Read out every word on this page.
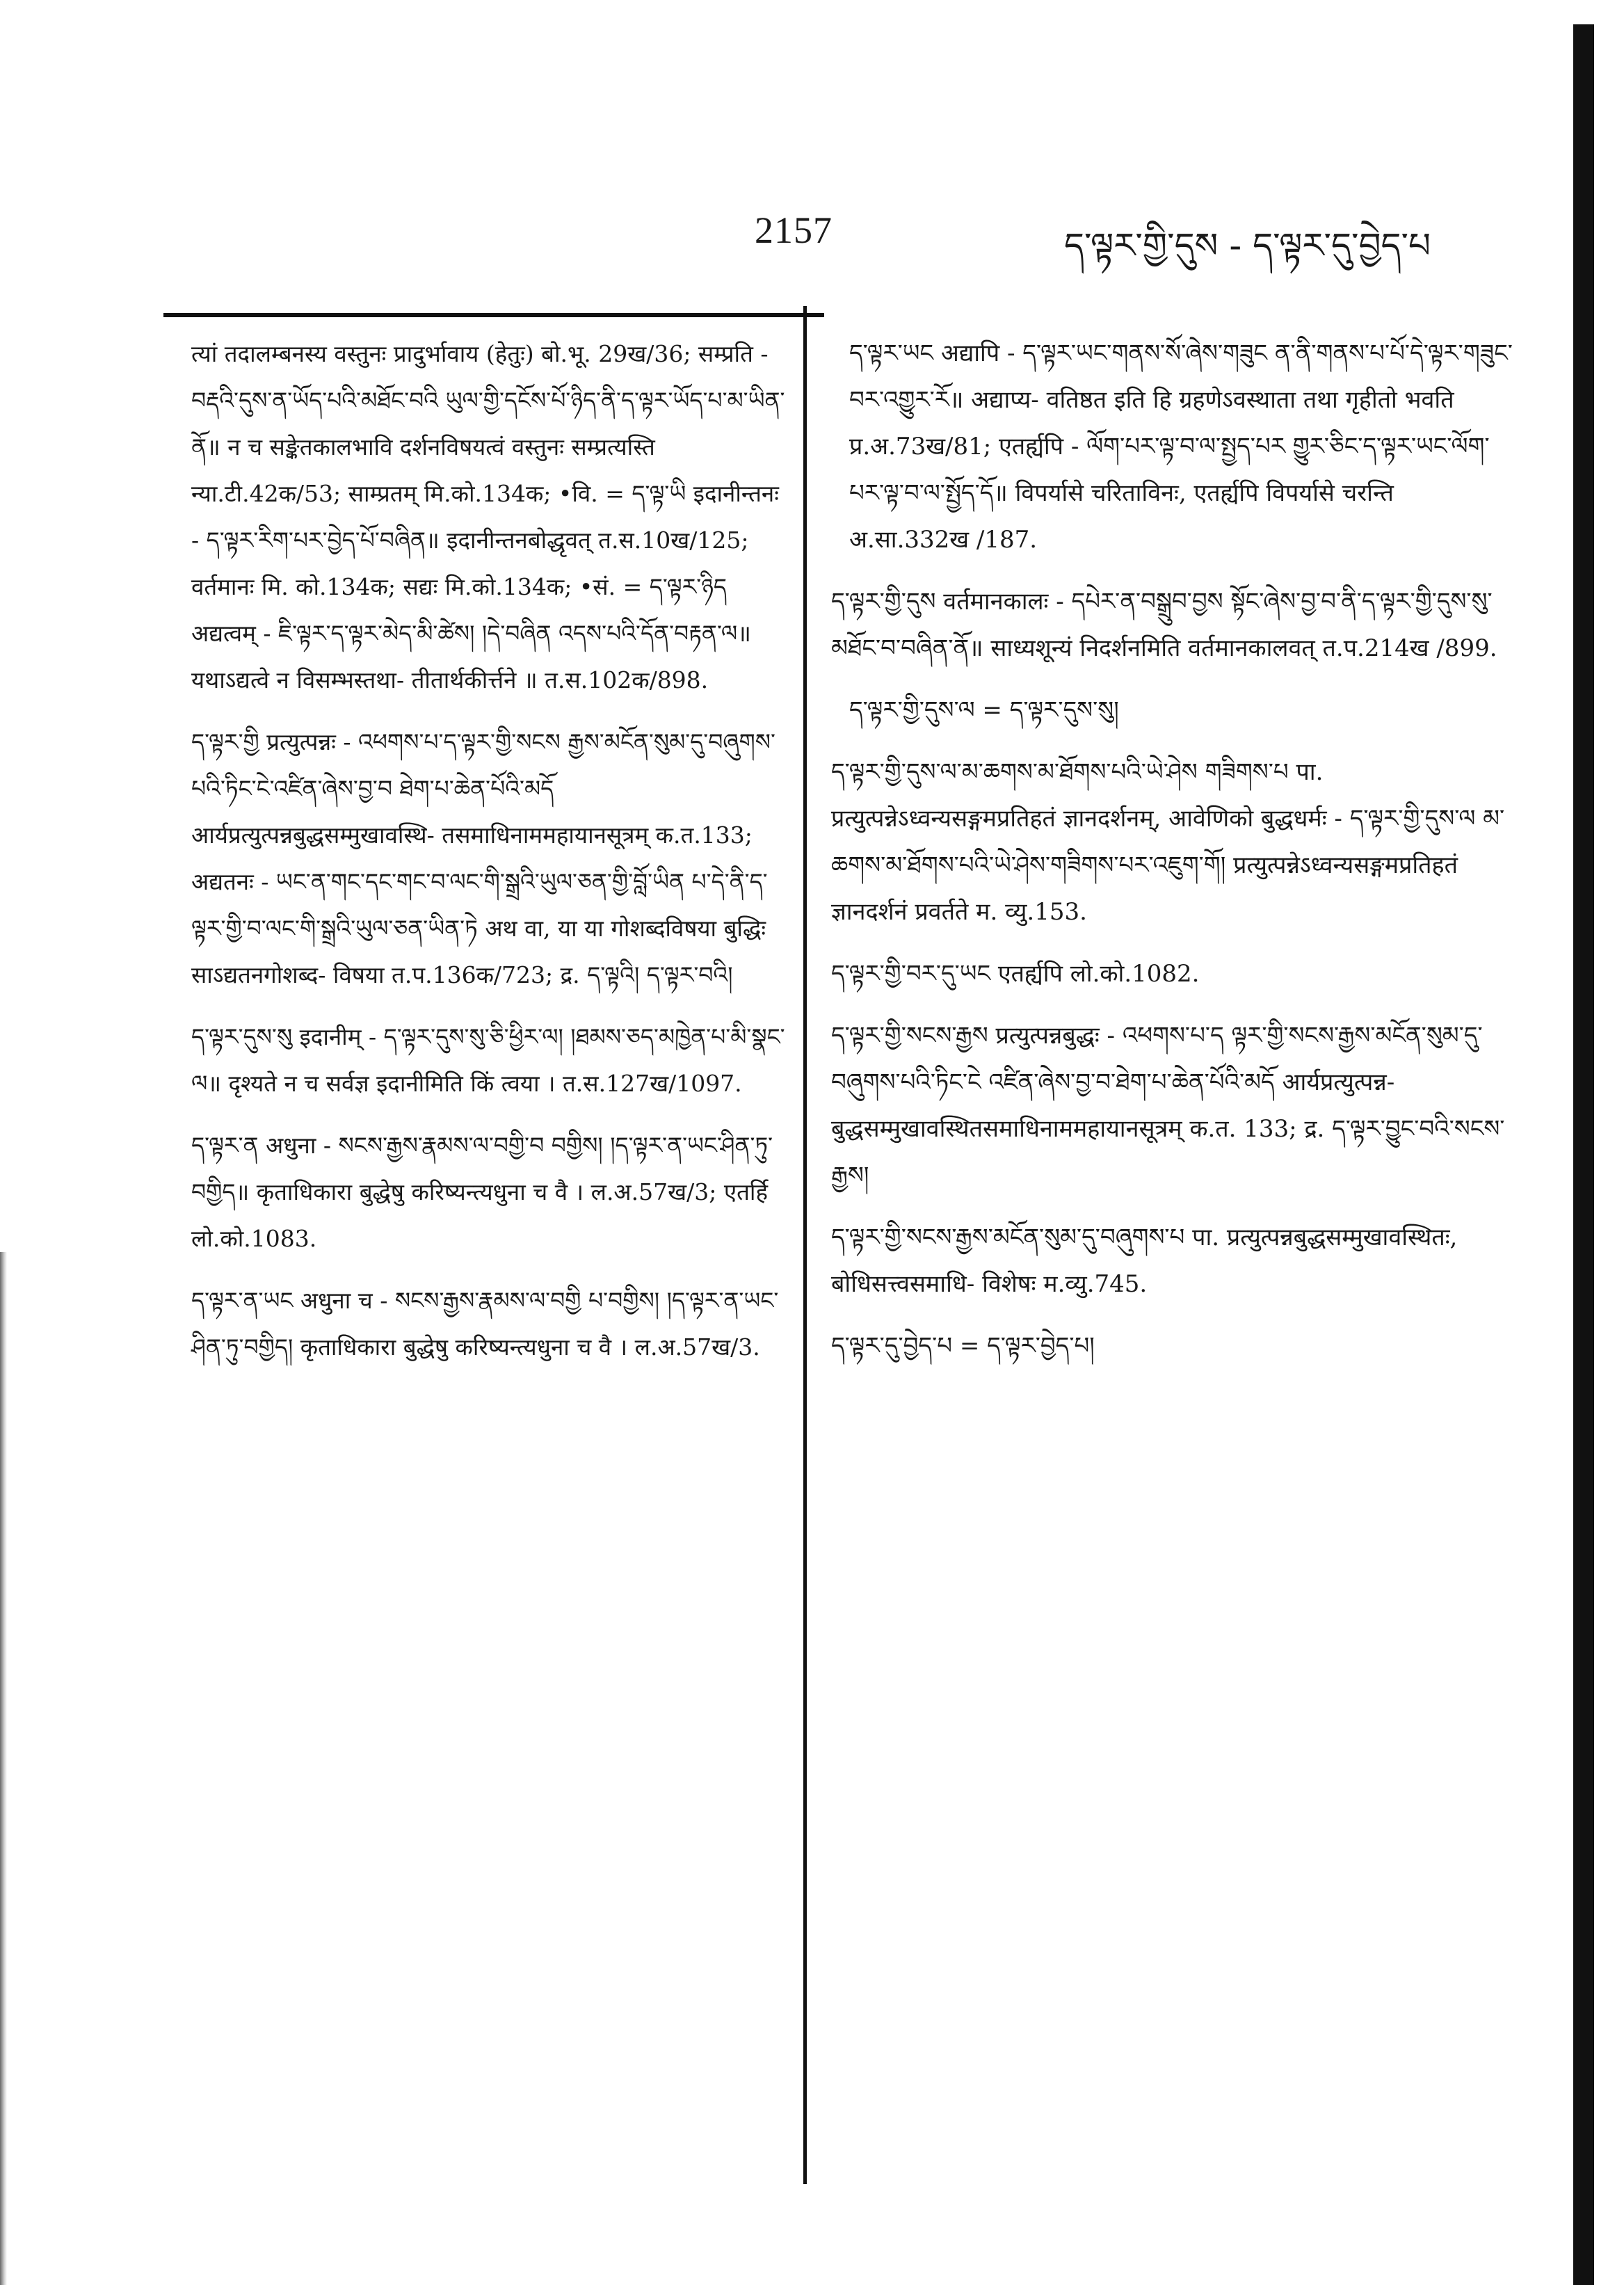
2157	ད་ལྟར་གྱི་དུས - ད་ལྟར་དུ་བྱེད་པ

त्यां तदालम्बनस्य वस्तुनः प्रादुर्भावाय (हेतुः) बो.भू. 29ख/36; सम्प्रति - བརྡའི་དུས་ན་ཡོད་པའི་མཐོང་བའི ཡུལ་གྱི་དངོས་པོ་ཉིད་ནི་ད་ལྟར་ཡོད་པ་མ་ཡིན་ནོ॥ न च सङ्केतकालभावि दर्शनविषयत्वं वस्तुनः सम्प्रत्यस्ति न्या.टी.42क/53; साम्प्रतम् मि.को.134क; •वि. = ད་ལྟ་ཡི इदानीन्तनः - ད་ལྟར་རིག་པར་བྱེད་པོ་བཞིན॥ इदानीन्तनबोद्धृवत् त.स.10ख/125; वर्तमानः मि. को.134क; सद्यः मि.को.134क; •सं. = ད་ལྟར་ཉིད अद्यत्वम् - ཇི་ལྟར་ད་ལྟར་མེད་མི་ཚེས། །དེ་བཞིན འདས་པའི་དོན་བརྟན་ལ॥ यथाऽद्यत्वे न विसम्भस्तथा- तीतार्थकीर्त्तने ॥ त.स.102क/898.

ད་ལྟར་གྱི प्रत्युत्पन्नः - འཕགས་པ་ད་ལྟར་གྱི་སངས རྒྱས་མངོན་སུམ་དུ་བཞུགས་པའི་ཏིང་ངེ་འཛིན་ཞེས་བྱ་བ ཐེག་པ་ཆེན་པོའི་མདོ आर्यप्रत्युत्पन्नबुद्धसम्मुखावस्थि- तसमाधिनाममहायानसूत्रम् क.त.133; अद्यतनः - ཡང་ན་གང་དང་གང་བ་ལང་གི་སྒྲའི་ཡུལ་ཅན་གྱི་བློ་ཡིན པ་དེ་ནི་ད་ལྟར་གྱི་བ་ལང་གི་སྒྲའི་ཡུལ་ཅན་ཡིན་ཏེ अथ वा, या या गोशब्दविषया बुद्धिः साऽद्यतनगोशब्द- विषया त.प.136क/723; द्र. ད་ལྟའི། ད་ལྟར་བའི།

ད་ལྟར་དུས་སུ इदानीम् - ད་ལྟར་དུས་སུ་ཅི་ཕྱིར་ལ། །ཐམས་ཅད་མཁྱེན་པ་མི་སྣང་ལ॥ दृश्यते न च सर्वज्ञ इदानीमिति किं त्वया । त.स.127ख/1097.

ད་ལྟར་ན अधुना - སངས་རྒྱས་རྣམས་ལ་བགྱི་བ བགྱིས། །ད་ལྟར་ན་ཡང་ཤིན་ཏུ་བགྱིད॥ कृताधिकारा बुद्धेषु करिष्यन्त्यधुना च वै । ल.अ.57ख/3; एतर्हि लो.को.1083.

ད་ལྟར་ན་ཡང अधुना च - སངས་རྒྱས་རྣམས་ལ་བགྱི པ་བགྱིས། །ད་ལྟར་ན་ཡང་ཤིན་ཏུ་བགྱིད། कृताधिकारा बुद्धेषु करिष्यन्त्यधुना च वै । ल.अ.57ख/3.

ད་ལྟར་ཡང अद्यापि - ད་ལྟར་ཡང་གནས་སོ་ཞེས་གཟུང ན་ནི་གནས་པ་པོ་དེ་ལྟར་གཟུང་བར་འགྱུར་རོ॥ अद्याप्य- वतिष्ठत इति हि ग्रहणेऽवस्थाता तथा गृहीतो भवति प्र.अ.73ख/81; एतर्ह्यपि - ལོག་པར་ལྟ་བ་ལ་སྤྱད་པར གྱུར་ཅིང་ད་ལྟར་ཡང་ལོག་པར་ལྟ་བ་ལ་སྤྱོད་དོ॥ विपर्यासे चरिताविनः, एतर्ह्यपि विपर्यासे चरन्ति अ.सा.332ख /187.

ད་ལྟར་གྱི་དུས वर्तमानकालः - དཔེར་ན་བསྒྲུབ་བྱས སྟོང་ཞེས་བྱ་བ་ནི་ད་ལྟར་གྱི་དུས་སུ་མཐོང་བ་བཞིན་ནོ॥ साध्यशून्यं निदर्शनमिति वर्तमानकालवत् त.प.214ख /899.

ད་ལྟར་གྱི་དུས་ལ = ད་ལྟར་དུས་སུ།

ད་ལྟར་གྱི་དུས་ལ་མ་ཆགས་མ་ཐོགས་པའི་ཡེ་ཤེས གཟིགས་པ पा. प्रत्युत्पन्नेऽध्वन्यसङ्गमप्रतिहतं ज्ञानदर्शनम्, आवेणिको बुद्धधर्मः - ད་ལྟར་གྱི་དུས་ལ མ་ཆགས་མ་ཐོགས་པའི་ཡེ་ཤེས་གཟིགས་པར་འཇུག་གོ། प्रत्युत्पन्नेऽध्वन्यसङ्गमप्रतिहतं ज्ञानदर्शनं प्रवर्तते म. व्यु.153.

ད་ལྟར་གྱི་བར་དུ་ཡང एतर्ह्यपि लो.को.1082.

ད་ལྟར་གྱི་སངས་རྒྱས प्रत्युत्पन्नबुद्धः - འཕགས་པ་ད ལྟར་གྱི་སངས་རྒྱས་མངོན་སུམ་དུ་བཞུགས་པའི་ཏིང་ངེ འཛིན་ཞེས་བྱ་བ་ཐེག་པ་ཆེན་པོའི་མདོ आर्यप्रत्युत्पन्न- बुद्धसम्मुखावस्थितसमाधिनाममहायानसूत्रम् क.त. 133; द्र. ད་ལྟར་བྱུང་བའི་སངས་རྒྱས།

ད་ལྟར་གྱི་སངས་རྒྱས་མངོན་སུམ་དུ་བཞུགས་པ पा. प्रत्युत्पन्नबुद्धसम्मुखावस्थितः, बोधिसत्त्वसमाधि- विशेषः म.व्यु.745.

ད་ལྟར་དུ་བྱེད་པ = ད་ལྟར་བྱེད་པ།
